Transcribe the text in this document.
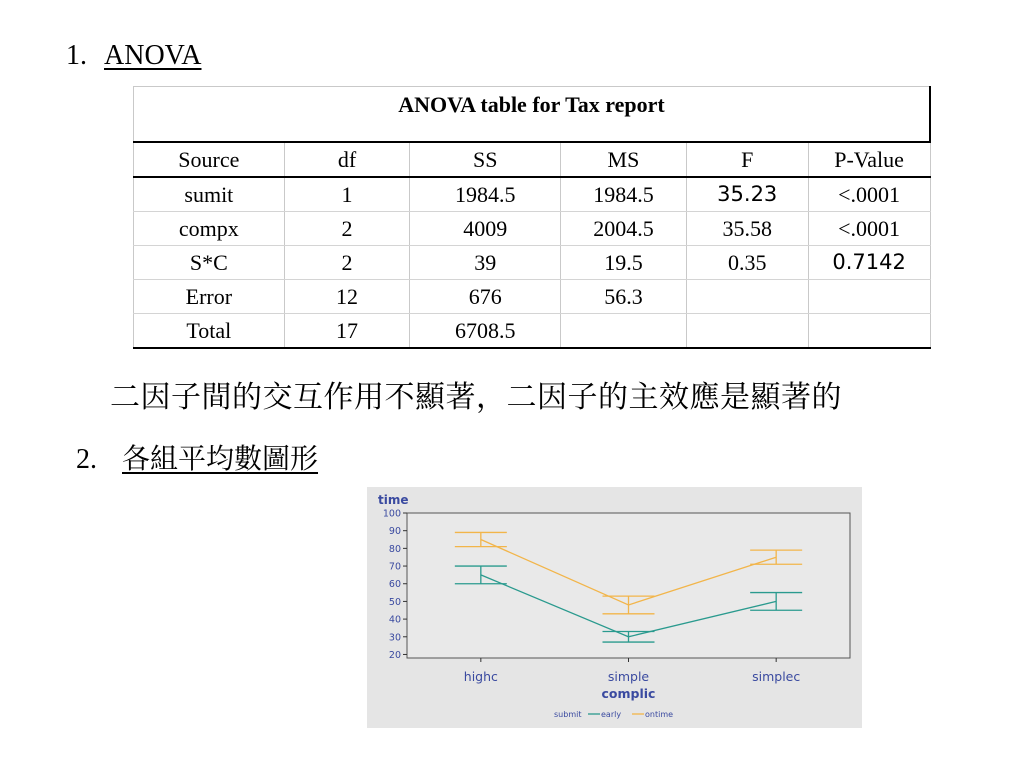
1. ANOVA
ANOVA table for Tax report					
Source	df	SS	MS	F	P-Value
sumit	1	1984.5	1984.5	35.23	<.0001
compx	2	4009	2004.5	35.58	<.0001
S*C	2	39	19.5	0.35	0.7142
Error	12	676	56.3		
Total	17	6708.5			
二因子間的交互作用不顯著，二因子的主效應是顯著的
2. 各組平均數圖形
time
20
30
40
50
60
70
80
90
100
highc	simple	simplec
complic
submit early	ontime
